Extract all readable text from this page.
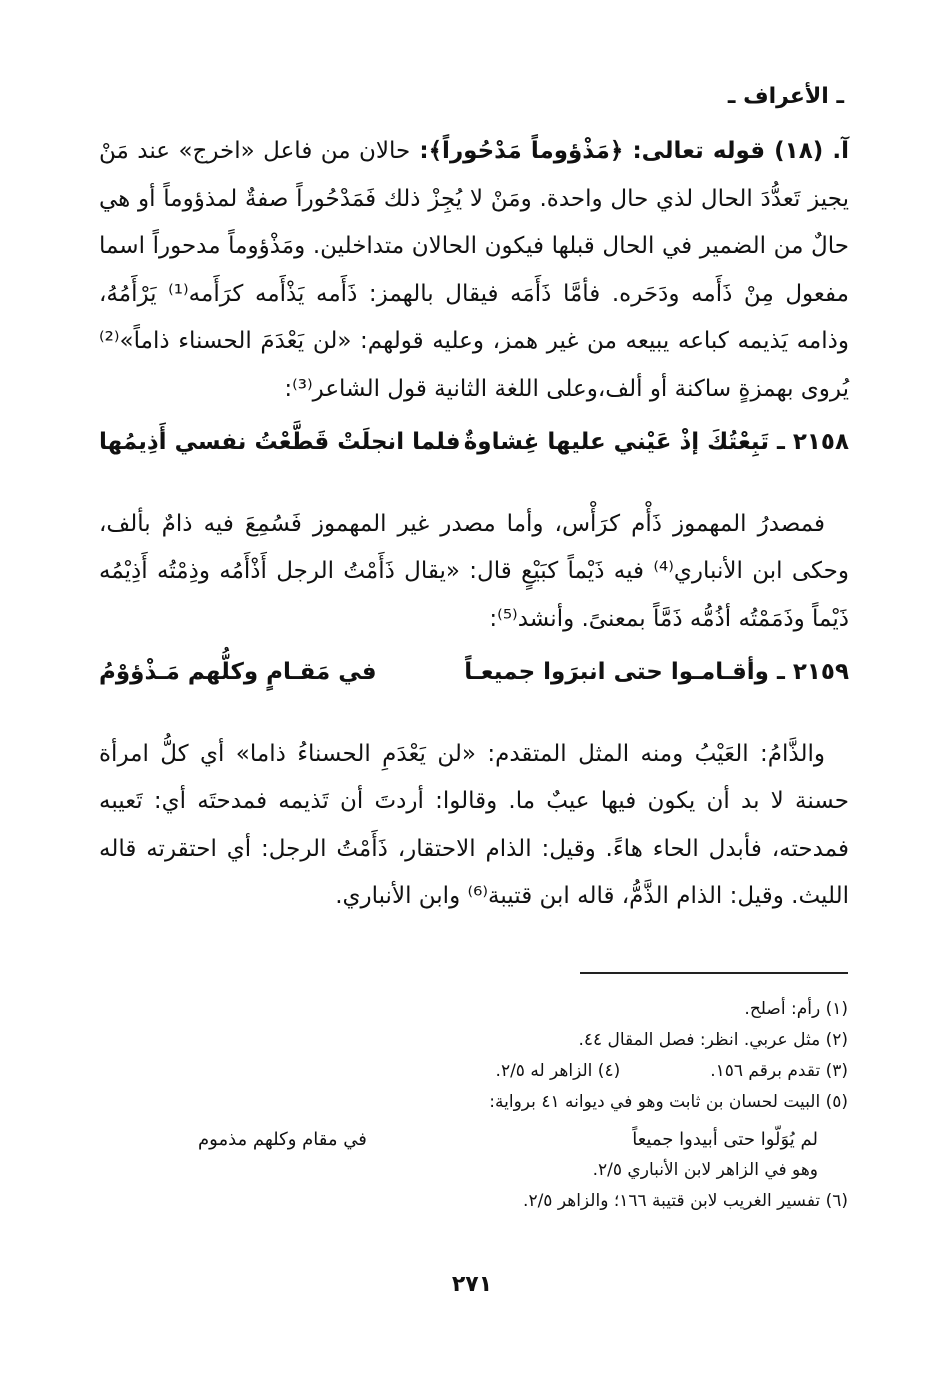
ـ الأعراف ـ

آ. (١٨) قوله تعالى: ﴿مَذْؤوماً مَدْحُوراً﴾: حالان من فاعل «اخرج» عند مَنْ يجيز تَعدُّدَ الحال لذي حال واحدة. ومَنْ لا يُجِزْ ذلك فَمَدْحُوراً صفةٌ لمذؤوماً أو هي حالٌ من الضمير في الحال قبلها فيكون الحالان متداخلين. ومَذْؤوماً مدحوراً اسما مفعول مِنْ ذَأَمه ودَحَره. فأمَّا ذَأَمَه فيقال بالهمز: ذَأَمه يَذْأَمه كرَأَمه⁽¹⁾ يَرْأَمُهُ، وذامه يَذيمه كباعه يبيعه من غير همز، وعليه قولهم: «لن يَعْدَمَ الحسناء ذاماً»⁽²⁾ يُروى بهمزةٍ ساكنة أو ألف،وعلى اللغة الثانية قول الشاعر⁽³⁾:

٢١٥٨ ـ تَبِعْتُكَ إذْ عَيْني عليها غِشاوةٌ
فلما انجلَتْ قَطَّعْتُ نفسي أَذِيمُها

فمصدرُ المهموز ذَأْم كرَأْس، وأما مصدر غير المهموز فَسُمِعَ فيه ذامٌ بألف، وحكى ابن الأنباري⁽⁴⁾ فيه ذَيْماً كبَيْعٍ قال: «يقال ذَأَمْتُ الرجل أَذْأَمُه وذِمْتُه أَذِيْمُه ذَيْماً وذَمَمْتُه أذُمُّه ذَمَّاً بمعنىً. وأنشد⁽⁵⁾:

٢١٥٩ ـ وأقـامـوا حتى انبرَوا جميعـاً
في مَقـامٍ وكلُّهم مَـذْؤوْمُ

والذَّامُ: العَيْبُ ومنه المثل المتقدم: «لن يَعْدَمِ الحسناءُ ذاما» أي كلُّ امرأة حسنة لا بد أن يكون فيها عيبٌ ما. وقالوا: أردتَ أن تَذيمه فمدحتَه أي: تَعيبه فمدحته، فأبدل الحاء هاءً. وقيل: الذام الاحتقار، ذَأَمْتُ الرجل: أي احتقرته قاله الليث. وقيل: الذام الذَّمُّ، قاله ابن قتيبة⁽⁶⁾ وابن الأنباري.

(١) رأم: أصلح.
(٢) مثل عربي. انظر: فصل المقال ٤٤.
(٣) تقدم برقم ١٥٦.
(٤) الزاهر له ٢/٥.
(٥) البيت لحسان بن ثابت وهو في ديوانه ٤١ برواية:
لم يُوَلّوا حتى أبيدوا جميعاً
في مقام وكلهم مذموم
وهو في الزاهر لابن الأنباري ٢/٥.
(٦) تفسير الغريب لابن قتيبة ١٦٦؛ والزاهر ٢/٥.
٢٧١
